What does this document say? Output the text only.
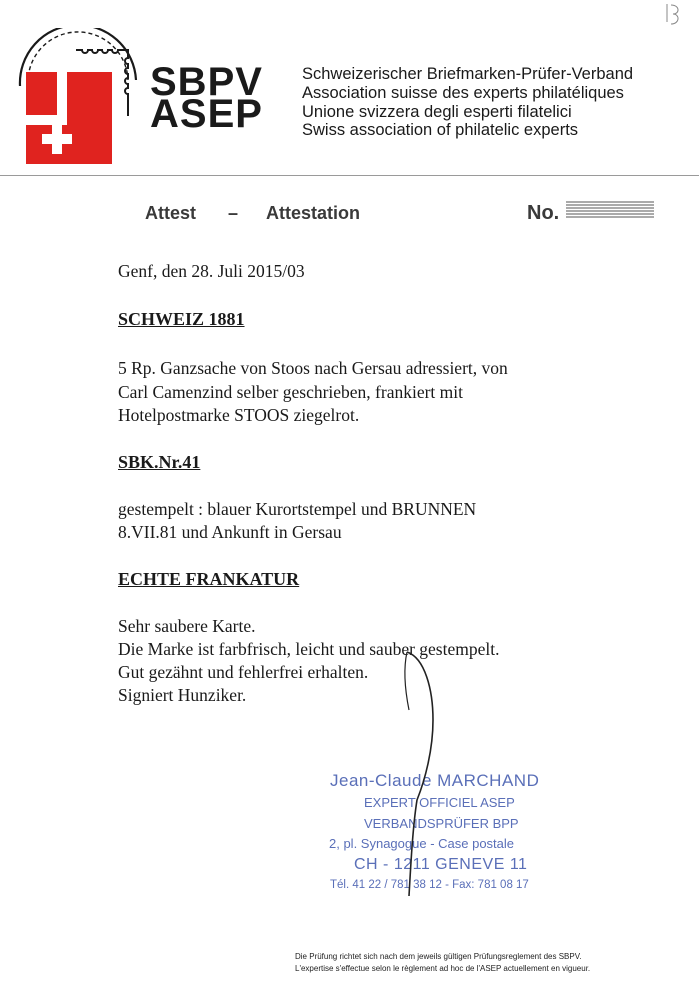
SBPV
ASEP
Schweizerischer Briefmarken-Prüfer-Verband
Association suisse des experts philatéliques
Unione svizzera degli esperti filatelici
Swiss association of philatelic experts
Attest – Attestation	No.
Genf, den 28. Juli 2015/03
SCHWEIZ 1881
5 Rp. Ganzsache von Stoos nach Gersau adressiert, von
Carl Camenzind selber geschrieben, frankiert mit
Hotelpostmarke STOOS ziegelrot.
SBK.Nr.41
gestempelt : blauer Kurortstempel und BRUNNEN
8.VII.81 und Ankunft in Gersau
ECHTE FRANKATUR
Sehr saubere Karte.
Die Marke ist farbfrisch, leicht und sauber gestempelt.
Gut gezähnt und fehlerfrei erhalten.
Signiert Hunziker.
Jean-Claude MARCHAND
EXPERT OFFICIEL ASEP
VERBANDSPRÜFER BPP
2, pl. Synagogue - Case postale
CH - 1211 GENEVE 11
Tél. 41 22 / 781 38 12 - Fax: 781 08 17
Die Prüfung richtet sich nach dem jeweils gültigen Prüfungsreglement des SBPV.
L'expertise s'effectue selon le règlement ad hoc de l'ASEP actuellement en vigueur.
